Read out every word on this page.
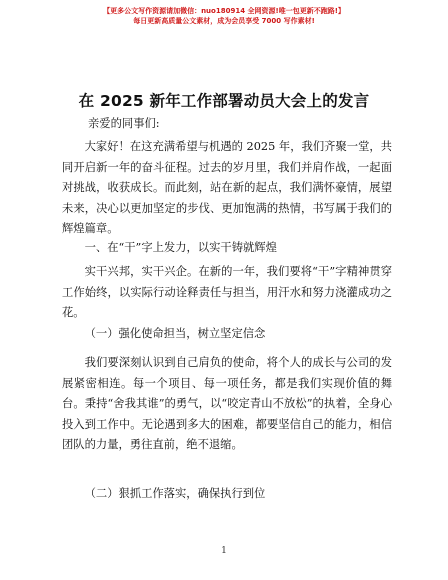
【更多公文写作资源请加微信：nuo180914 全网资源!唯一包更新不跑路!】
每日更新高质量公文素材，成为会员享受 7000 写作素材!
在 2025 新年工作部署动员大会上的发言
亲爱的同事们:

大家好！在这充满希望与机遇的 2025 年，我们齐聚一堂，共同开启新一年的奋斗征程。过去的岁月里，我们并肩作战，一起面对挑战，收获成长。而此刻，站在新的起点，我们满怀豪情，展望未来，决心以更加坚定的步伐、更加饱满的热情，书写属于我们的辉煌篇章。

一、在“干”字上发力，以实干铸就辉煌

实干兴邦，实干兴企。在新的一年，我们要将“干”字精神贯穿工作始终，以实际行动诠释责任与担当，用汗水和努力浇灌成功之花。

（一）强化使命担当，树立坚定信念

我们要深刻认识到自己肩负的使命，将个人的成长与公司的发展紧密相连。每一个项目、每一项任务，都是我们实现价值的舞台。秉持“舍我其谁”的勇气，以“咬定青山不放松”的执着，全身心投入到工作中。无论遇到多大的困难，都要坚信自己的能力，相信团队的力量，勇往直前，绝不退缩。

（二）狠抓工作落实，确保执行到位

1
